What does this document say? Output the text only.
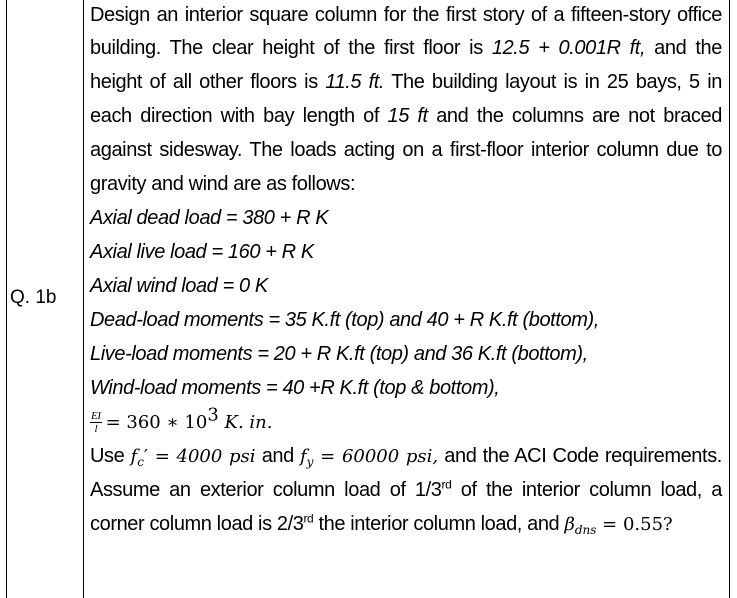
Q. 1b
Design an interior square column for the first story of a fifteen-story office
building. The clear height of the first floor is 12.5 + 0.001R ft, and the
height of all other floors is 11.5 ft. The building layout is in 25 bays, 5 in
each direction with bay length of 15 ft and the columns are not braced
against sidesway. The loads acting on a first-floor interior column due to
gravity and wind are as follows:
Axial dead load = 380 + R K
Axial live load = 160 + R K
Axial wind load = 0 K
Dead-load moments = 35 K.ft (top) and 40 + R K.ft (bottom),
Live-load moments = 20 + R K.ft (top) and 36 K.ft (bottom),
Wind-load moments = 40 +R K.ft (top & bottom),
$\frac{EI}{l} = 360$ ∗ $10^3$ K. in.
Use $f_c' = 4000$ psi and $f_y = 60000$ psi, and the ACI Code requirements.
Assume an exterior column load of 1/3rd of the interior column load, a
corner column load is 2/3rd the interior column load, and $\beta_{dns} = 0.55$?
